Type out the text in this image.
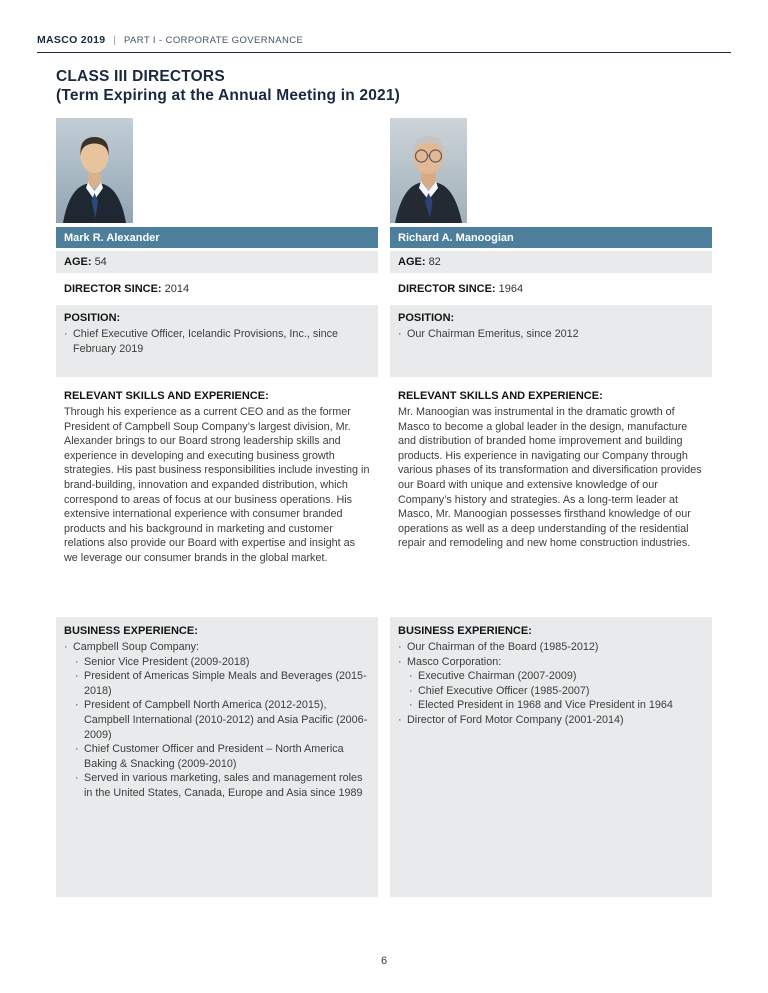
MASCO 2019 | PART I - CORPORATE GOVERNANCE
CLASS III DIRECTORS
(Term Expiring at the Annual Meeting in 2021)
Mark R. Alexander
AGE: 54
DIRECTOR SINCE: 2014
POSITION:
· Chief Executive Officer, Icelandic Provisions, Inc., since February 2019
RELEVANT SKILLS AND EXPERIENCE:

Through his experience as a current CEO and as the former President of Campbell Soup Company’s largest division, Mr. Alexander brings to our Board strong leadership skills and experience in developing and executing business growth strategies. His past business responsibilities include investing in brand-building, innovation and expanded distribution, which correspond to areas of focus at our business operations. His extensive international experience with consumer branded products and his background in marketing and customer relations also provide our Board with expertise and insight as we leverage our consumer brands in the global market.

BUSINESS EXPERIENCE:
· Campbell Soup Company:
· Senior Vice President (2009-2018)
· President of Americas Simple Meals and Beverages (2015-2018)
· President of Campbell North America (2012-2015), Campbell International (2010-2012) and Asia Pacific (2006-2009)
· Chief Customer Officer and President – North America Baking & Snacking (2009-2010)
· Served in various marketing, sales and management roles in the United States, Canada, Europe and Asia since 1989
Richard A. Manoogian
AGE: 82
DIRECTOR SINCE: 1964
POSITION:
· Our Chairman Emeritus, since 2012
RELEVANT SKILLS AND EXPERIENCE:

Mr. Manoogian was instrumental in the dramatic growth of Masco to become a global leader in the design, manufacture and distribution of branded home improvement and building products. His experience in navigating our Company through various phases of its transformation and diversification provides our Board with unique and extensive knowledge of our Company’s history and strategies. As a long-term leader at Masco, Mr. Manoogian possesses firsthand knowledge of our operations as well as a deep understanding of the residential repair and remodeling and new home construction industries.

BUSINESS EXPERIENCE:
· Our Chairman of the Board (1985-2012)
· Masco Corporation:
· Executive Chairman (2007-2009)
· Chief Executive Officer (1985-2007)
· Elected President in 1968 and Vice President in 1964
· Director of Ford Motor Company (2001-2014)
6
